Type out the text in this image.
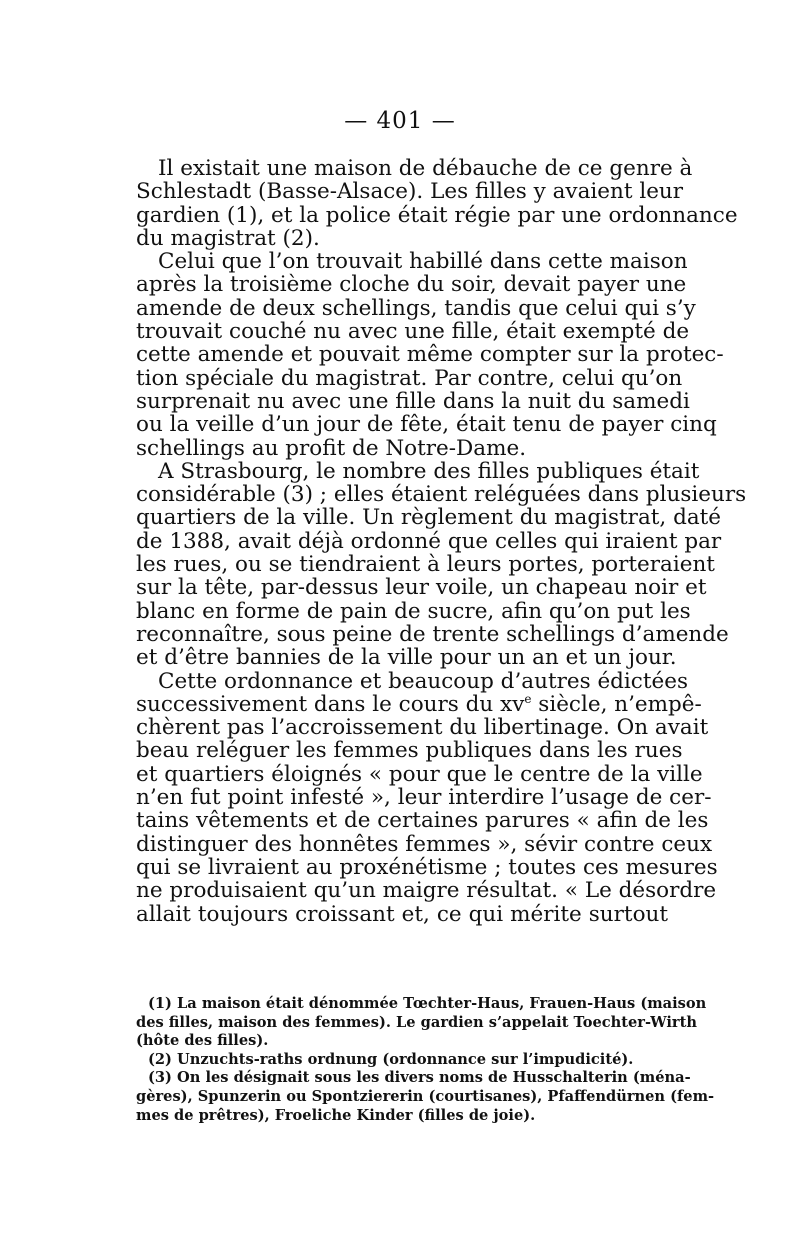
— 401 —

Il existait une maison de débauche de ce genre à
Schlestadt (Basse-Alsace). Les filles y avaient leur
gardien (1), et la police était régie par une ordonnance
du magistrat (2).

Celui que l’on trouvait habillé dans cette maison
après la troisième cloche du soir, devait payer une
amende de deux schellings, tandis que celui qui s’y
trouvait couché nu avec une fille, était exempté de
cette amende et pouvait même compter sur la protec-
tion spéciale du magistrat. Par contre, celui qu’on
surprenait nu avec une fille dans la nuit du samedi
ou la veille d’un jour de fête, était tenu de payer cinq
schellings au profit de Notre-Dame.

A Strasbourg, le nombre des filles publiques était
considérable (3) ; elles étaient reléguées dans plusieurs
quartiers de la ville. Un règlement du magistrat, daté
de 1388, avait déjà ordonné que celles qui iraient par
les rues, ou se tiendraient à leurs portes, porteraient
sur la tête, par-dessus leur voile, un chapeau noir et
blanc en forme de pain de sucre, afin qu’on put les
reconnaître, sous peine de trente schellings d’amende
et d’être bannies de la ville pour un an et un jour.

Cette ordonnance et beaucoup d’autres édictées
successivement dans le cours du $xv^e$ siècle, n’empê-
chèrent pas l’accroissement du libertinage. On avait
beau reléguer les femmes publiques dans les rues
et quartiers éloignés « pour que le centre de la ville
n’en fut point infesté », leur interdire l’usage de cer-
tains vêtements et de certaines parures « afin de les
distinguer des honnêtes femmes », sévir contre ceux
qui se livraient au proxénétisme ; toutes ces mesures
ne produisaient qu’un maigre résultat. « Le désordre
allait toujours croissant et, ce qui mérite surtout

(1) La maison était dénommée Tœchter-Haus, Frauen-Haus (maison
des filles, maison des femmes). Le gardien s’appelait Toechter-Wirth
(hôte des filles).
(2) Unzuchts-raths ordnung (ordonnance sur l’impudicité).
(3) On les désignait sous les divers noms de Husschalterin (ména-
gères), Spunzerin ou Spontziererin (courtisanes), Pfaffendürnen (fem-
mes de prêtres), Froeliche Kinder (filles de joie).
